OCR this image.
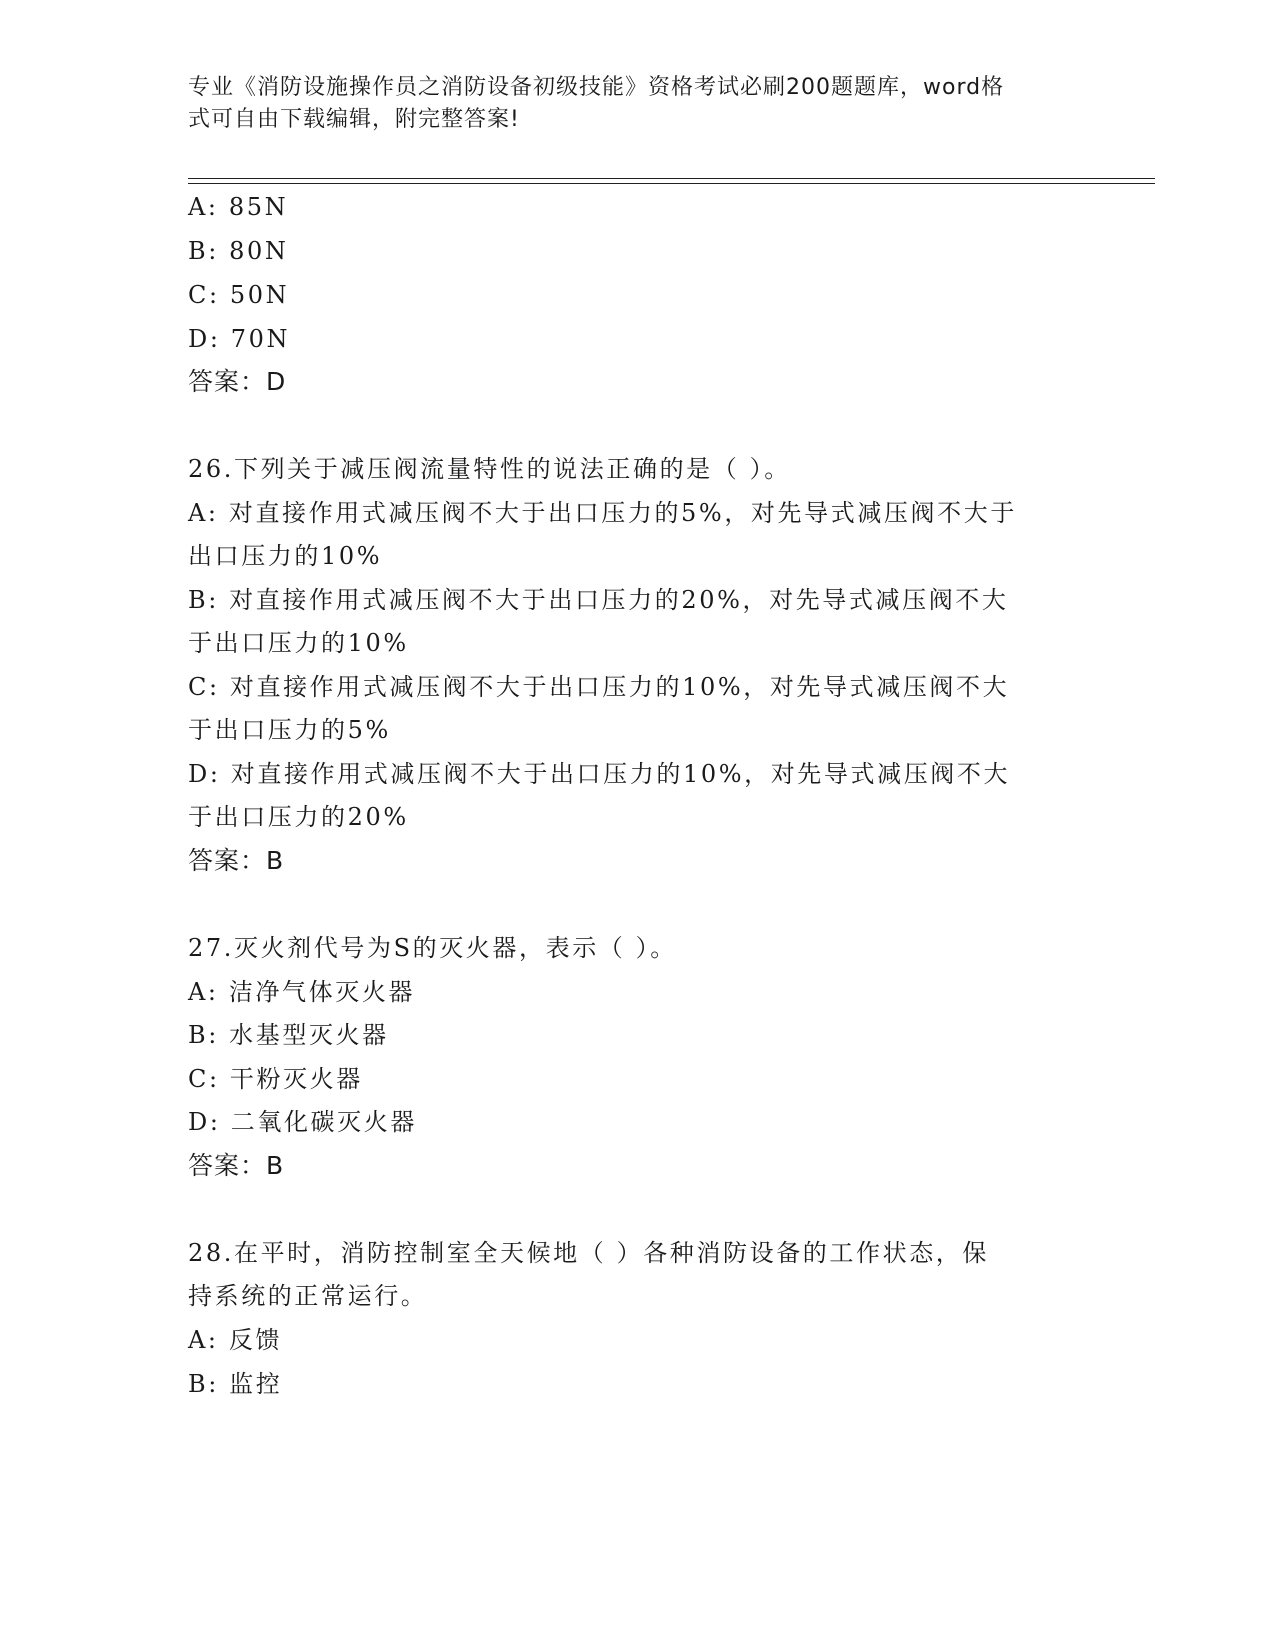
专业《消防设施操作员之消防设备初级技能》资格考试必刷200题题库，word格
式可自由下载编辑，附完整答案!
A: 85N
B: 80N
C: 50N
D: 70N
答案：D
26.下列关于减压阀流量特性的说法正确的是（ ）。
A: 对直接作用式减压阀不大于出口压力的5%，对先导式减压阀不大于
出口压力的10%
B: 对直接作用式减压阀不大于出口压力的20%，对先导式减压阀不大
于出口压力的10%
C: 对直接作用式减压阀不大于出口压力的10%，对先导式减压阀不大
于出口压力的5%
D: 对直接作用式减压阀不大于出口压力的10%，对先导式减压阀不大
于出口压力的20%
答案：B
27.灭火剂代号为S的灭火器，表示（ ）。
A: 洁净气体灭火器
B: 水基型灭火器
C: 干粉灭火器
D: 二氧化碳灭火器
答案：B
28.在平时，消防控制室全天候地（ ）各种消防设备的工作状态，保
持系统的正常运行。
A: 反馈
B: 监控
